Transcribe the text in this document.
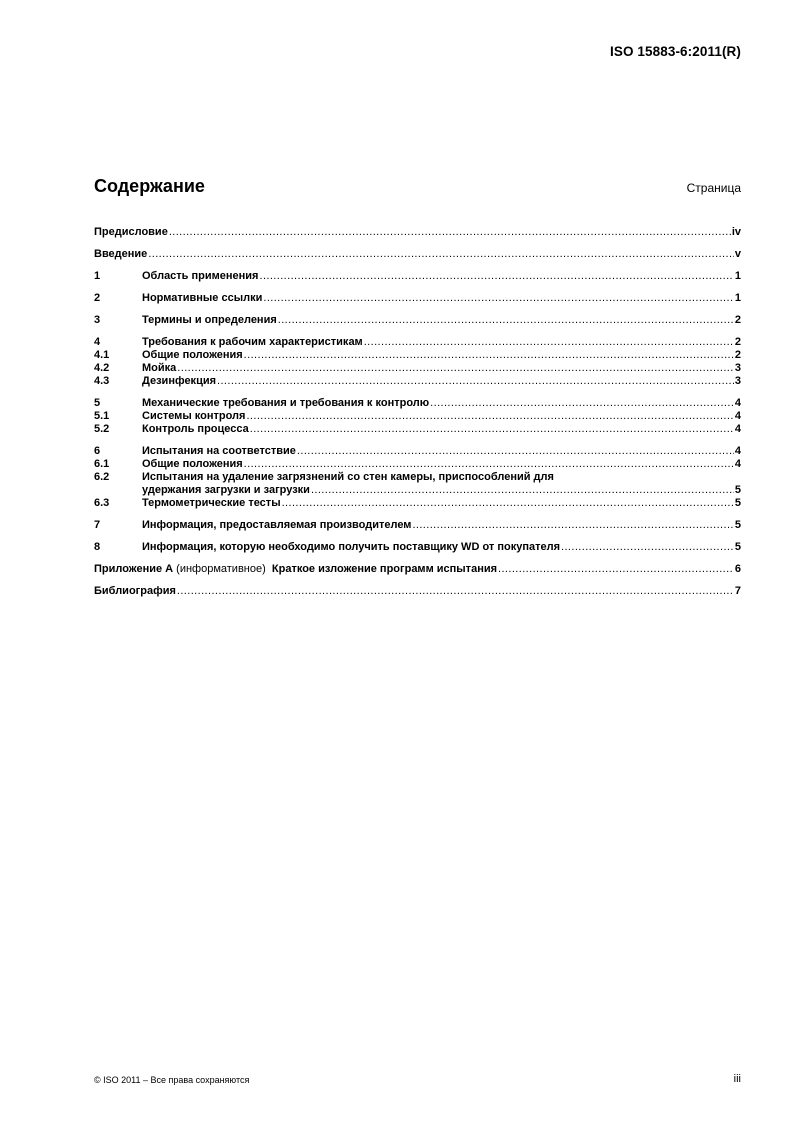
ISO 15883-6:2011(R)
Содержание	Страница
Предисловие .....	iv
Введение .....	v
1	Область применения .....	1
2	Нормативные ссылки .....	1
3	Термины и определения .....	2
4	Требования к рабочим характеристикам .....	2
4.1	Общие положения .....	2
4.2	Мойка .....	3
4.3	Дезинфекция .....	3
5	Механические требования и требования к контролю .....	4
5.1	Системы контроля .....	4
5.2	Контроль процесса .....	4
6	Испытания на соответствие .....	4
6.1	Общие положения .....	4
6.2	Испытания на удаление загрязнений со стен камеры, приспособлений для
удержания загрузки и загрузки .....	5
6.3	Термометрические тесты .....	5
7	Информация, предоставляемая производителем .....	5
8	Информация, которую необходимо получить поставщику WD от покупателя .....	5
Приложение А (информативное)  Краткое изложение программ испытания .....	6
Библиография .....	7
© ISO 2011 – Все права сохраняются	iii
